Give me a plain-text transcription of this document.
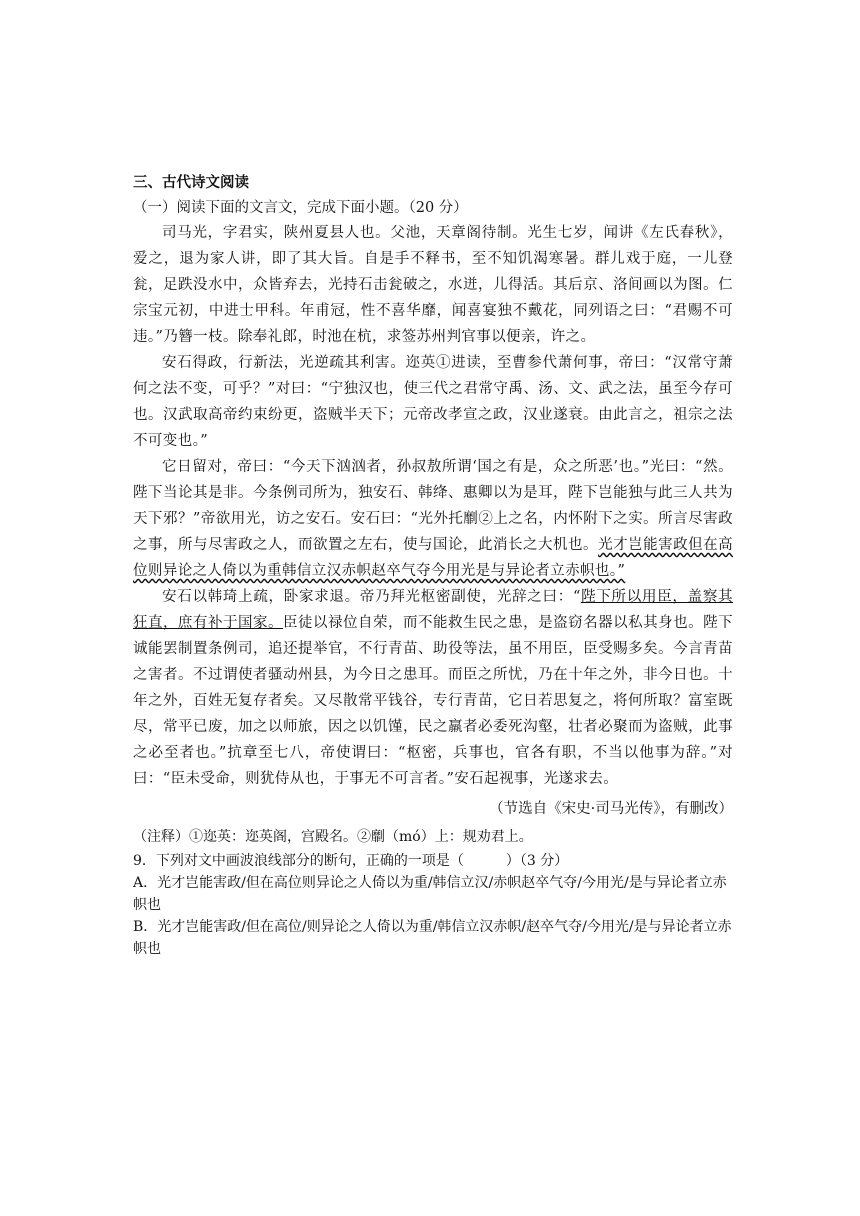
三、古代诗文阅读

（一）阅读下面的文言文，完成下面小题。（20 分）

司马光，字君实，陕州夏县人也。父池，天章阁待制。光生七岁，闻讲《左氏春秋》，爱之，退为家人讲，即了其大旨。自是手不释书，至不知饥渴寒暑。群儿戏于庭，一儿登瓮，足跌没水中，众皆弃去，光持石击瓮破之，水迸，儿得活。其后京、洛间画以为图。仁宗宝元初，中进士甲科。年甫冠，性不喜华靡，闻喜宴独不戴花，同列语之曰：“君赐不可违。”乃簪一枝。除奉礼郎，时池在杭，求签苏州判官事以便亲，许之。

安石得政，行新法，光逆疏其利害。迩英①进读，至曹参代萧何事，帝曰：“汉常守萧何之法不变，可乎？”对曰：“宁独汉也，使三代之君常守禹、汤、文、武之法，虽至今存可也。汉武取高帝约束纷更，盗贼半天下；元帝改孝宣之政，汉业遂衰。由此言之，祖宗之法不可变也。”

它日留对，帝曰：“今天下汹汹者，孙叔敖所谓‘国之有是，众之所恶’也。”光曰：“然。陛下当论其是非。今条例司所为，独安石、韩绛、惠卿以为是耳，陛下岂能独与此三人共为天下邪？”帝欲用光，访之安石。安石曰：“光外托劘②上之名，内怀附下之实。所言尽害政之事，所与尽害政之人，而欲置之左右，使与国论，此消长之大机也。光才岂能害政但在高位则异论之人倚以为重韩信立汉赤帜赵卒气夺今用光是与异论者立赤帜也。”

安石以韩琦上疏，卧家求退。帝乃拜光枢密副使，光辞之曰：“陛下所以用臣，盖察其狂直，庶有补于国家。臣徒以禄位自荣，而不能救生民之患，是盗窃名器以私其身也。陛下诚能罢制置条例司，追还提举官，不行青苗、助役等法，虽不用臣，臣受赐多矣。今言青苗之害者。不过谓使者骚动州县，为今日之患耳。而臣之所忧，乃在十年之外，非今日也。十年之外，百姓无复存者矣。又尽散常平钱谷，专行青苗，它日若思复之，将何所取？富室既尽，常平已废，加之以师旅，因之以饥馑，民之羸者必委死沟壑，壮者必聚而为盗贼，此事之必至者也。”抗章至七八，帝使谓曰：“枢密，兵事也，官各有职，不当以他事为辞。”对曰：“臣未受命，则犹侍从也，于事无不可言者。”安石起视事，光遂求去。

（节选自《宋史·司马光传》，有删改）

（注释）①迩英：迩英阁，宫殿名。②劘（mó）上：规劝君上。

9．下列对文中画波浪线部分的断句，正确的一项是（　　　）（3 分）

A．光才岂能害政/但在高位则异论之人倚以为重/韩信立汉/赤帜赵卒气夺/今用光/是与异论者立赤帜也

B．光才岂能害政/但在高位/则异论之人倚以为重/韩信立汉赤帜/赵卒气夺/今用光/是与异论者立赤帜也
